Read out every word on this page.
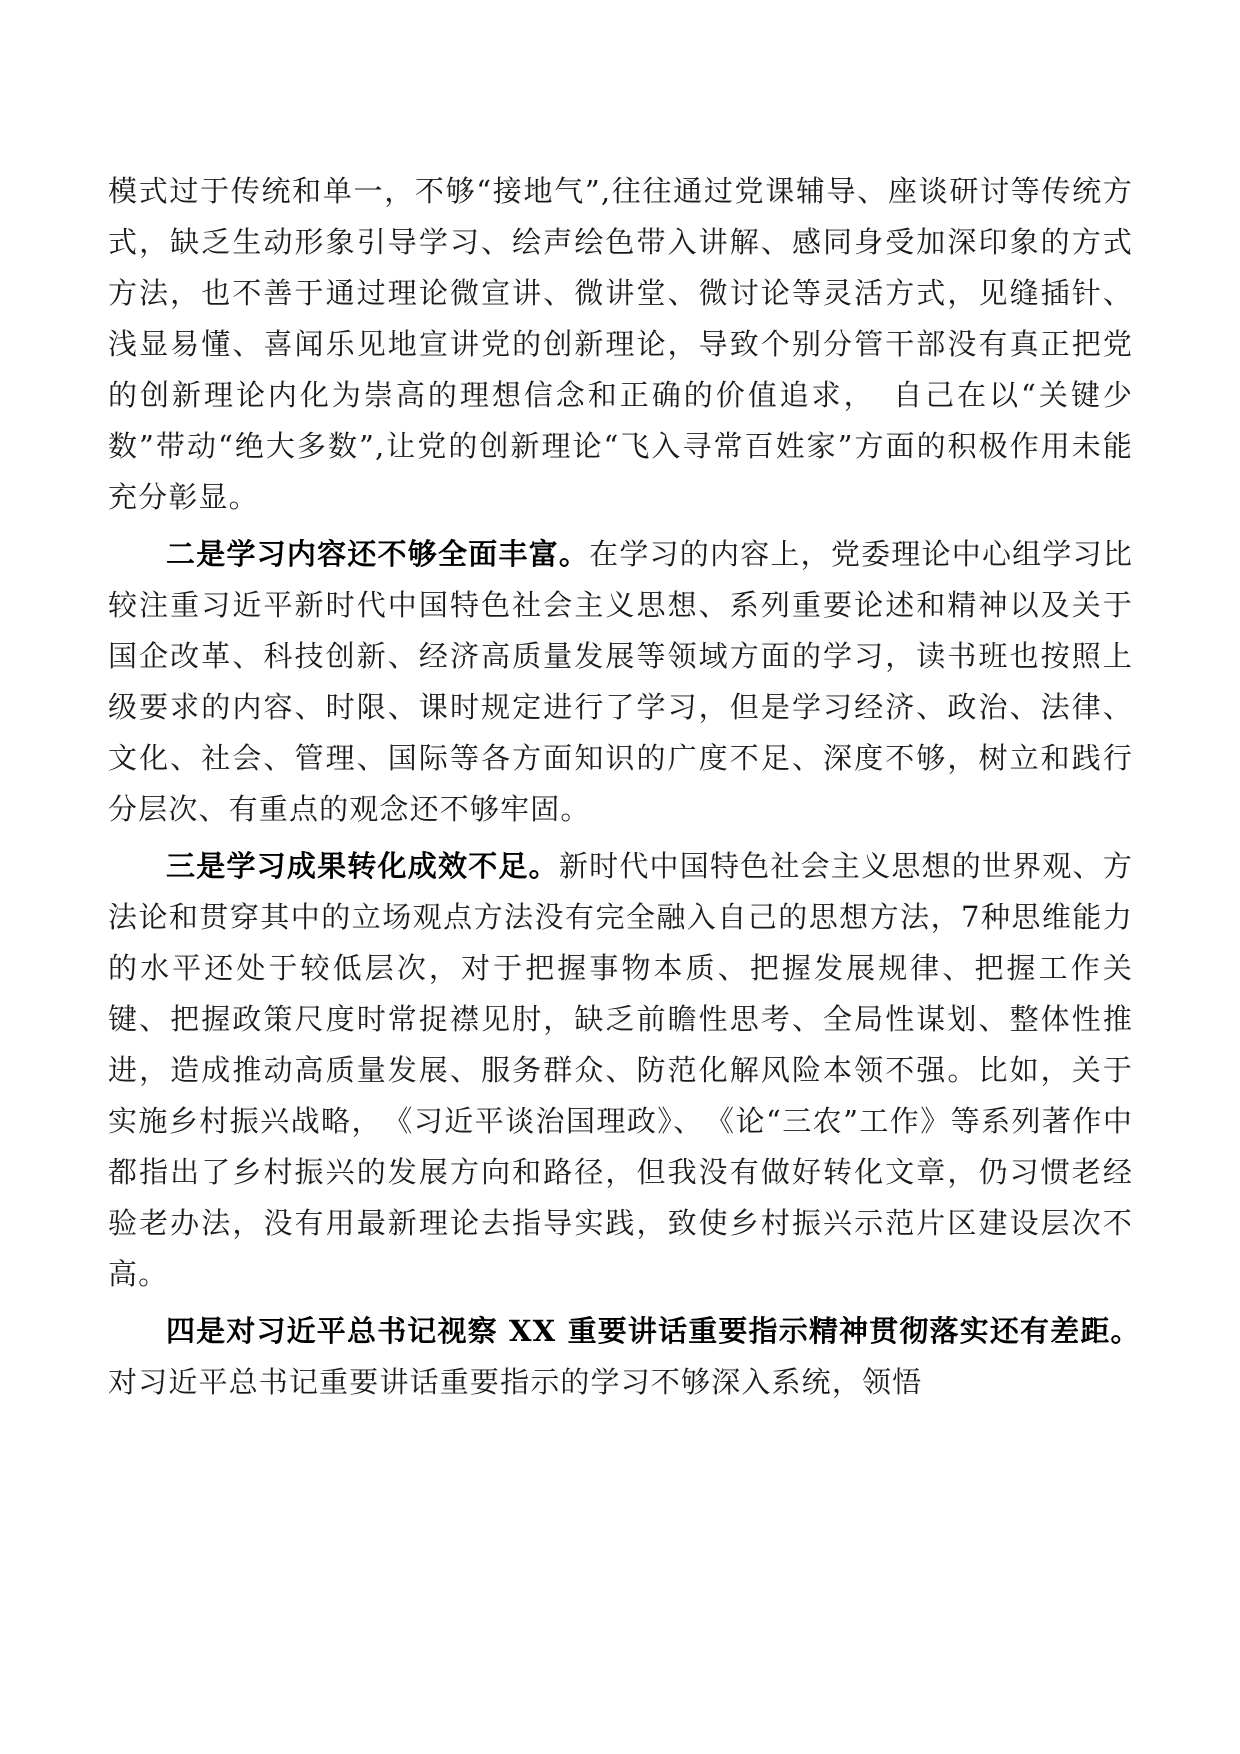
模式过于传统和单一，不够“接地气”,往往通过党课辅导、座谈研讨等传统方式，缺乏生动形象引导学习、绘声绘色带入讲解、感同身受加深印象的方式方法，也不善于通过理论微宣讲、微讲堂、微讨论等灵活方式，见缝插针、浅显易懂、喜闻乐见地宣讲党的创新理论，导致个别分管干部没有真正把党的创新理论内化为崇高的理想信念和正确的价值追求，　自己在以“关键少数”带动“绝大多数”,让党的创新理论“飞入寻常百姓家”方面的积极作用未能充分彰显。

二是学习内容还不够全面丰富。在学习的内容上，党委理论中心组学习比较注重习近平新时代中国特色社会主义思想、系列重要论述和精神以及关于国企改革、科技创新、经济高质量发展等领域方面的学习，读书班也按照上级要求的内容、时限、课时规定进行了学习，但是学习经济、政治、法律、文化、社会、管理、国际等各方面知识的广度不足、深度不够，树立和践行分层次、有重点的观念还不够牢固。

三是学习成果转化成效不足。新时代中国特色社会主义思想的世界观、方法论和贯穿其中的立场观点方法没有完全融入自己的思想方法，7种思维能力的水平还处于较低层次，对于把握事物本质、把握发展规律、把握工作关键、把握政策尺度时常捉襟见肘，缺乏前瞻性思考、全局性谋划、整体性推进，造成推动高质量发展、服务群众、防范化解风险本领不强。比如，关于实施乡村振兴战略，　《习近平谈治国理政》、　《论“三农”工作》等系列著作中都指出了乡村振兴的发展方向和路径，但我没有做好转化文章，仍习惯老经验老办法，没有用最新理论去指导实践，致使乡村振兴示范片区建设层次不高。

四是对习近平总书记视察 XX 重要讲话重要指示精神贯彻落实还有差距。　对习近平总书记重要讲话重要指示的学习不够深入系统，领悟
